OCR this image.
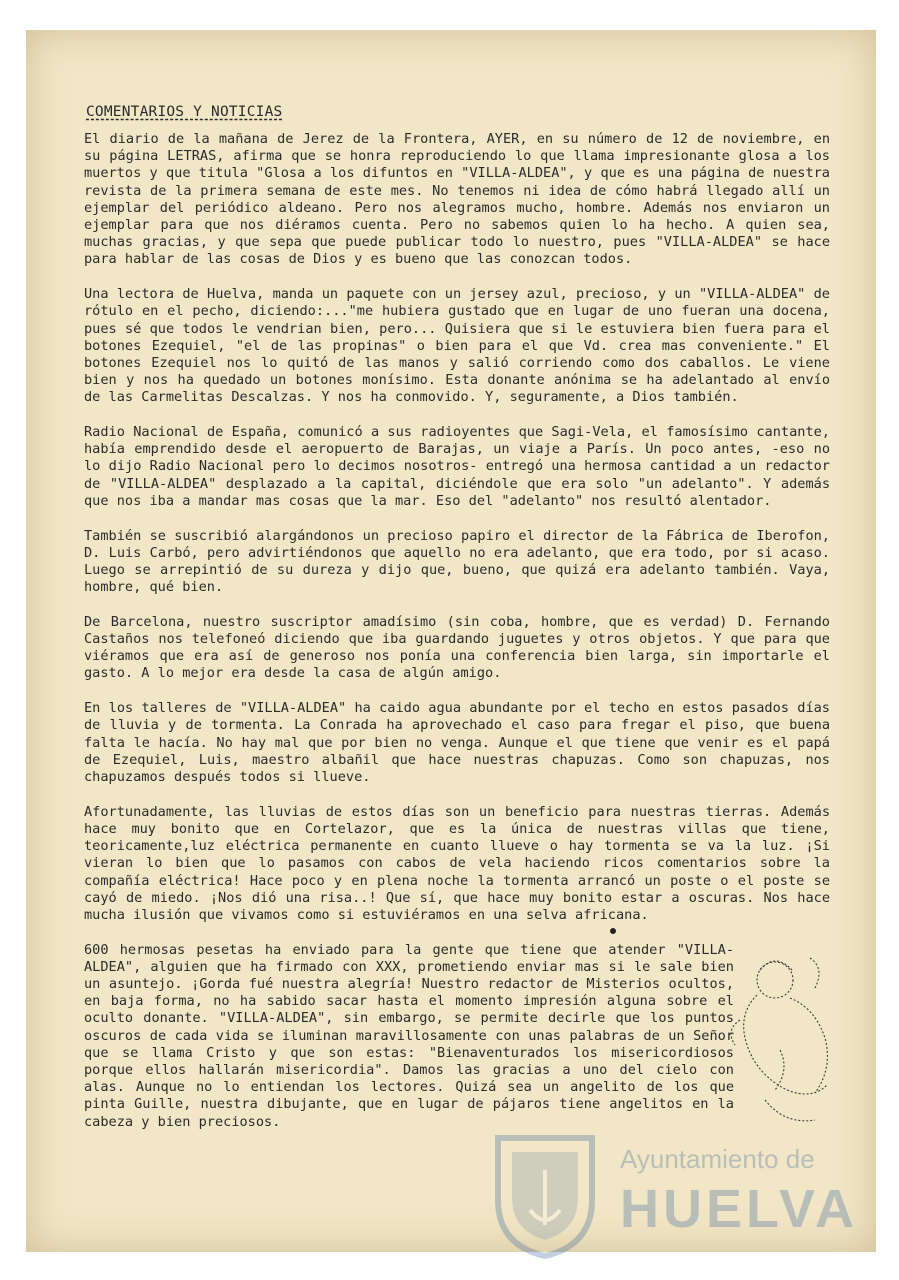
COMENTARIOS Y NOTICIAS

El diario de la mañana de Jerez de la Frontera, AYER, en su número de 12 de noviembre, en su página LETRAS, afirma que se honra reproduciendo lo que llama impresionante glosa a los muertos y que titula "Glosa a los difuntos en "VILLA-ALDEA", y que es una página de nuestra revista de la primera semana de este mes. No tenemos ni idea de cómo habrá llegado allí un ejemplar del periódico aldeano. Pero nos alegramos mucho, hombre. Además nos enviaron un ejemplar para que nos diéramos cuenta. Pero no sabemos quien lo ha hecho. A quien sea, muchas gracias, y que sepa que puede publicar todo lo nuestro, pues "VILLA-ALDEA" se hace para hablar de las cosas de Dios y es bueno que las conozcan todos.

Una lectora de Huelva, manda un paquete con un jersey azul, precioso, y un "VILLA-ALDEA" de rótulo en el pecho, diciendo:..."me hubiera gustado que en lugar de uno fueran una docena, pues sé que todos le vendrian bien, pero... Quisiera que si le estuviera bien fuera para el botones Ezequiel, "el de las propinas" o bien para el que Vd. crea mas conveniente." El botones Ezequiel nos lo quitó de las manos y salió corriendo como dos caballos. Le viene bien y nos ha quedado un botones monísimo. Esta donante anónima se ha adelantado al envío de las Carmelitas Descalzas. Y nos ha conmovido. Y, seguramente, a Dios también.

Radio Nacional de España, comunicó a sus radioyentes que Sagi-Vela, el famosísimo cantante, había emprendido desde el aeropuerto de Barajas, un viaje a París. Un poco antes, -eso no lo dijo Radio Nacional pero lo decimos nosotros- entregó una hermosa cantidad a un redactor de "VILLA-ALDEA" desplazado a la capital, diciéndole que era solo "un adelanto". Y además que nos iba a mandar mas cosas que la mar. Eso del "adelanto" nos resultó alentador.

También se suscribió alargándonos un precioso papiro el director de la Fábrica de Iberofon, D. Luis Carbó, pero advirtiéndonos que aquello no era adelanto, que era todo, por si acaso. Luego se arrepintió de su dureza y dijo que, bueno, que quizá era adelanto también. Vaya, hombre, qué bien.

De Barcelona, nuestro suscriptor amadísimo (sin coba, hombre, que es verdad) D. Fernando Castaños nos telefoneó diciendo que iba guardando juguetes y otros objetos. Y que para que viéramos que era así de generoso nos ponía una conferencia bien larga, sin importarle el gasto. A lo mejor era desde la casa de algún amigo.

En los talleres de "VILLA-ALDEA" ha caido agua abundante por el techo en estos pasados días de lluvia y de tormenta. La Conrada ha aprovechado el caso para fregar el piso, que buena falta le hacía. No hay mal que por bien no venga. Aunque el que tiene que venir es el papá de Ezequiel, Luis, maestro albañil que hace nuestras chapuzas. Como son chapuzas, nos chapuzamos después todos si llueve.

Afortunadamente, las lluvias de estos días son un beneficio para nuestras tierras. Además hace muy bonito que en Cortelazor, que es la única de nuestras villas que tiene, teoricamente,luz eléctrica permanente en cuanto llueve o hay tormenta se va la luz. ¡Si vieran lo bien que lo pasamos con cabos de vela haciendo ricos comentarios sobre la compañía eléctrica! Hace poco y en plena noche la tormenta arrancó un poste o el poste se cayó de miedo. ¡Nos dió una risa..! Que sí, que hace muy bonito estar a oscuras. Nos hace mucha ilusión que vivamos como si estuviéramos en una selva africana.

600 hermosas pesetas ha enviado para la gente que tiene que atender "VILLA-ALDEA", alguien que ha firmado con XXX, prometiendo enviar mas si le sale bien un asuntejo. ¡Gorda fué nuestra alegría! Nuestro redactor de Misterios ocultos, en baja forma, no ha sabido sacar hasta el momento impresión alguna sobre el oculto donante. "VILLA-ALDEA", sin embargo, se permite decirle que los puntos oscuros de cada vida se iluminan maravillosamente con unas palabras de un Señor que se llama Cristo y que son estas: "Bienaventurados los misericordiosos porque ellos hallarán misericordia". Damos las gracias a uno del cielo con alas. Aunque no lo entiendan los lectores. Quizá sea un angelito de los que pinta Guille, nuestra dibujante, que en lugar de pájaros tiene angelitos en la cabeza y bien preciosos.

Ayuntamiento de
HUELVA
